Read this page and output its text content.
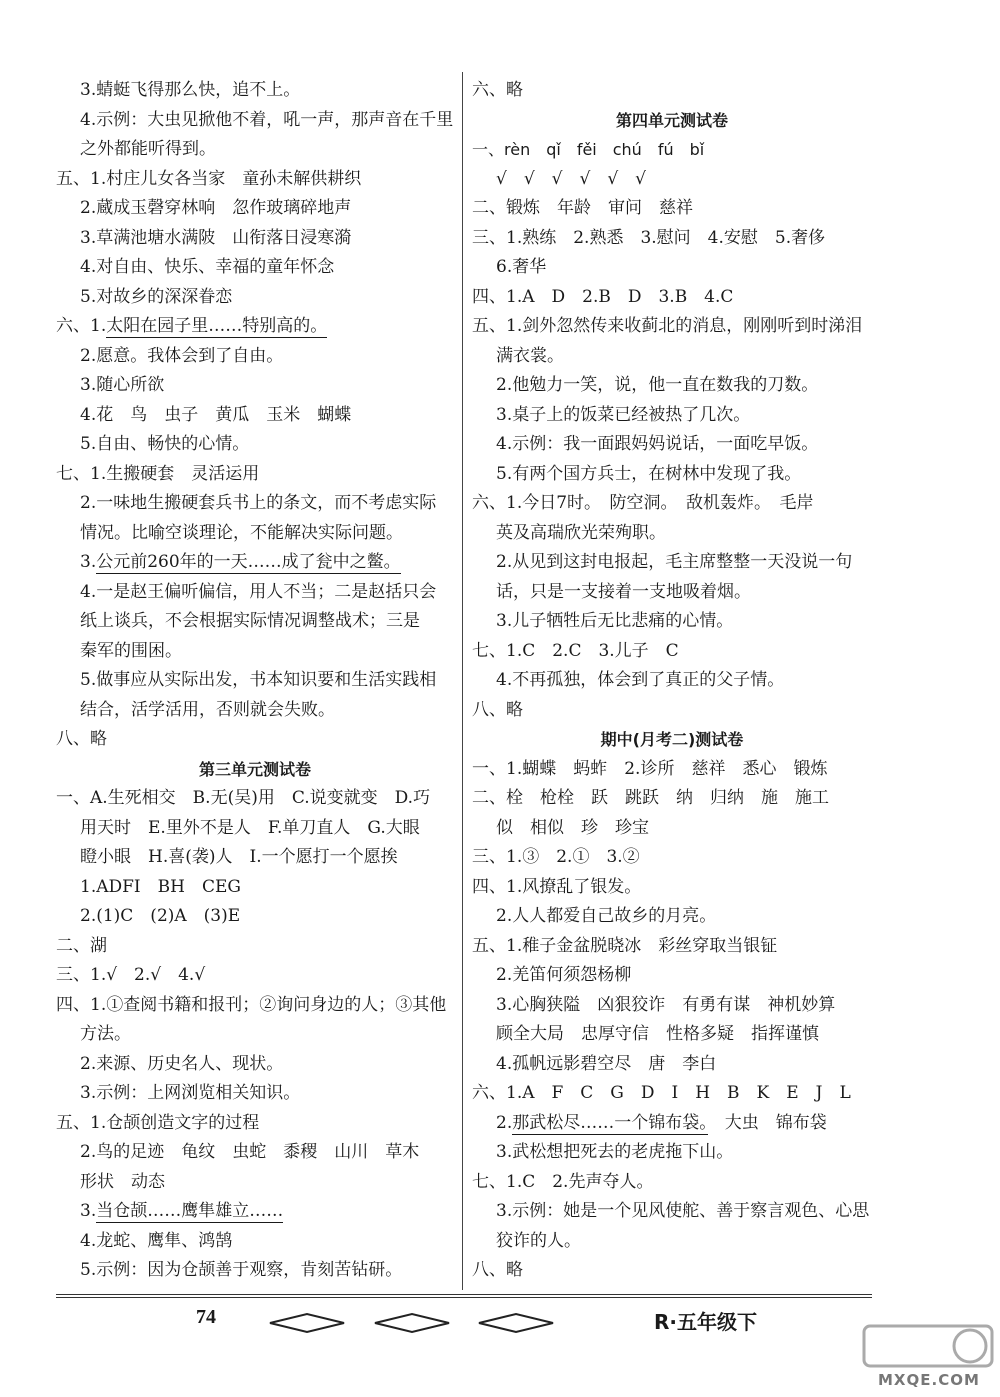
3.蜻蜓飞得那么快，追不上。
4.示例：大虫见掀他不着，吼一声，那声音在千里
之外都能听得到。
五、1.村庄儿女各当家　童孙未解供耕织
2.蔵成玉磬穿林响　忽作玻璃碎地声
3.草满池塘水满陂　山衔落日浸寒漪
4.对自由、快乐、幸福的童年怀念
5.对故乡的深深眷恋
六、1.太阳在园子里……特别高的。
2.愿意。我体会到了自由。
3.随心所欲
4.花　鸟　虫子　黄瓜　玉米　蝴蝶
5.自由、畅快的心情。
七、1.生搬硬套　灵活运用
2.一味地生搬硬套兵书上的条文，而不考虑实际
情况。比喻空谈理论，不能解决实际问题。
3.公元前260年的一天……成了瓮中之鳖。
4.一是赵王偏听偏信，用人不当；二是赵括只会
纸上谈兵，不会根据实际情况调整战术；三是
秦军的围困。
5.做事应从实际出发，书本知识要和生活实践相
结合，活学活用，否则就会失败。
八、略
第三单元测试卷
一、A.生死相交　B.无(吴)用　C.说变就变　D.巧
用天时　E.里外不是人　F.单刀直人　G.大眼
瞪小眼　H.喜(袭)人　I.一个愿打一个愿挨
1.ADFI　BH　CEG
2.(1)C　(2)A　(3)E
二、湖
三、1.√　2.√　4.√
四、1.①查阅书籍和报刊；②询问身边的人；③其他
方法。
2.来源、历史名人、现状。
3.示例：上网浏览相关知识。
五、1.仓颉创造文字的过程
2.鸟的足迹　龟纹　虫蛇　黍稷　山川　草木
形状　动态
3.当仓颉……鹰隼雄立……
4.龙蛇、鹰隼、鸿鹄
5.示例：因为仓颉善于观察，肯刻苦钻研。
六、略
第四单元测试卷
一、rèn　qǐ　fěi　chú　fú　bǐ
√　√　√　√　√　√
二、锻炼　年龄　审问　慈祥
三、1.熟练　2.熟悉　3.慰问　4.安慰　5.奢侈
6.奢华
四、1.A　D　2.B　D　3.B　4.C
五、1.剑外忽然传来收蓟北的消息，刚刚听到时涕泪
满衣裳。
2.他勉力一笑，说，他一直在数我的刀数。
3.桌子上的饭菜已经被热了几次。
4.示例：我一面跟妈妈说话，一面吃早饭。
5.有两个国方兵士，在树林中发现了我。
六、1.今日7时。　防空洞。　敌机轰炸。　毛岸
英及高瑞欣光荣殉职。
2.从见到这封电报起，毛主席整整一天没说一句
话，只是一支接着一支地吸着烟。
3.儿子牺牲后无比悲痛的心情。
七、1.C　2.C　3.儿子　C
4.不再孤独，体会到了真正的父子情。
八、略
期中(月考二)测试卷
一、1.蝴蝶　蚂蚱　2.诊所　慈祥　悉心　锻炼
二、栓　枪栓　跃　跳跃　纳　归纳　施　施工
似　相似　珍　珍宝
三、1.③　2.①　3.②
四、1.风撩乱了银发。
2.人人都爱自己故乡的月亮。
五、1.稚子金盆脱晓冰　彩丝穿取当银钲
2.羌笛何须怨杨柳
3.心胸狭隘　凶狠狡诈　有勇有谋　神机妙算
顾全大局　忠厚守信　性格多疑　指挥谨慎
4.孤帆远影碧空尽　唐　李白
六、1.A　F　C　G　D　I　H　B　K　E　J　L
2.那武松尽……一个锦布袋。　大虫　锦布袋
3.武松想把死去的老虎拖下山。
七、1.C　2.先声夺人。
3.示例：她是一个见风使舵、善于察言观色、心思
狡诈的人。
八、略
74	R·五年级下
MXQE.COM
